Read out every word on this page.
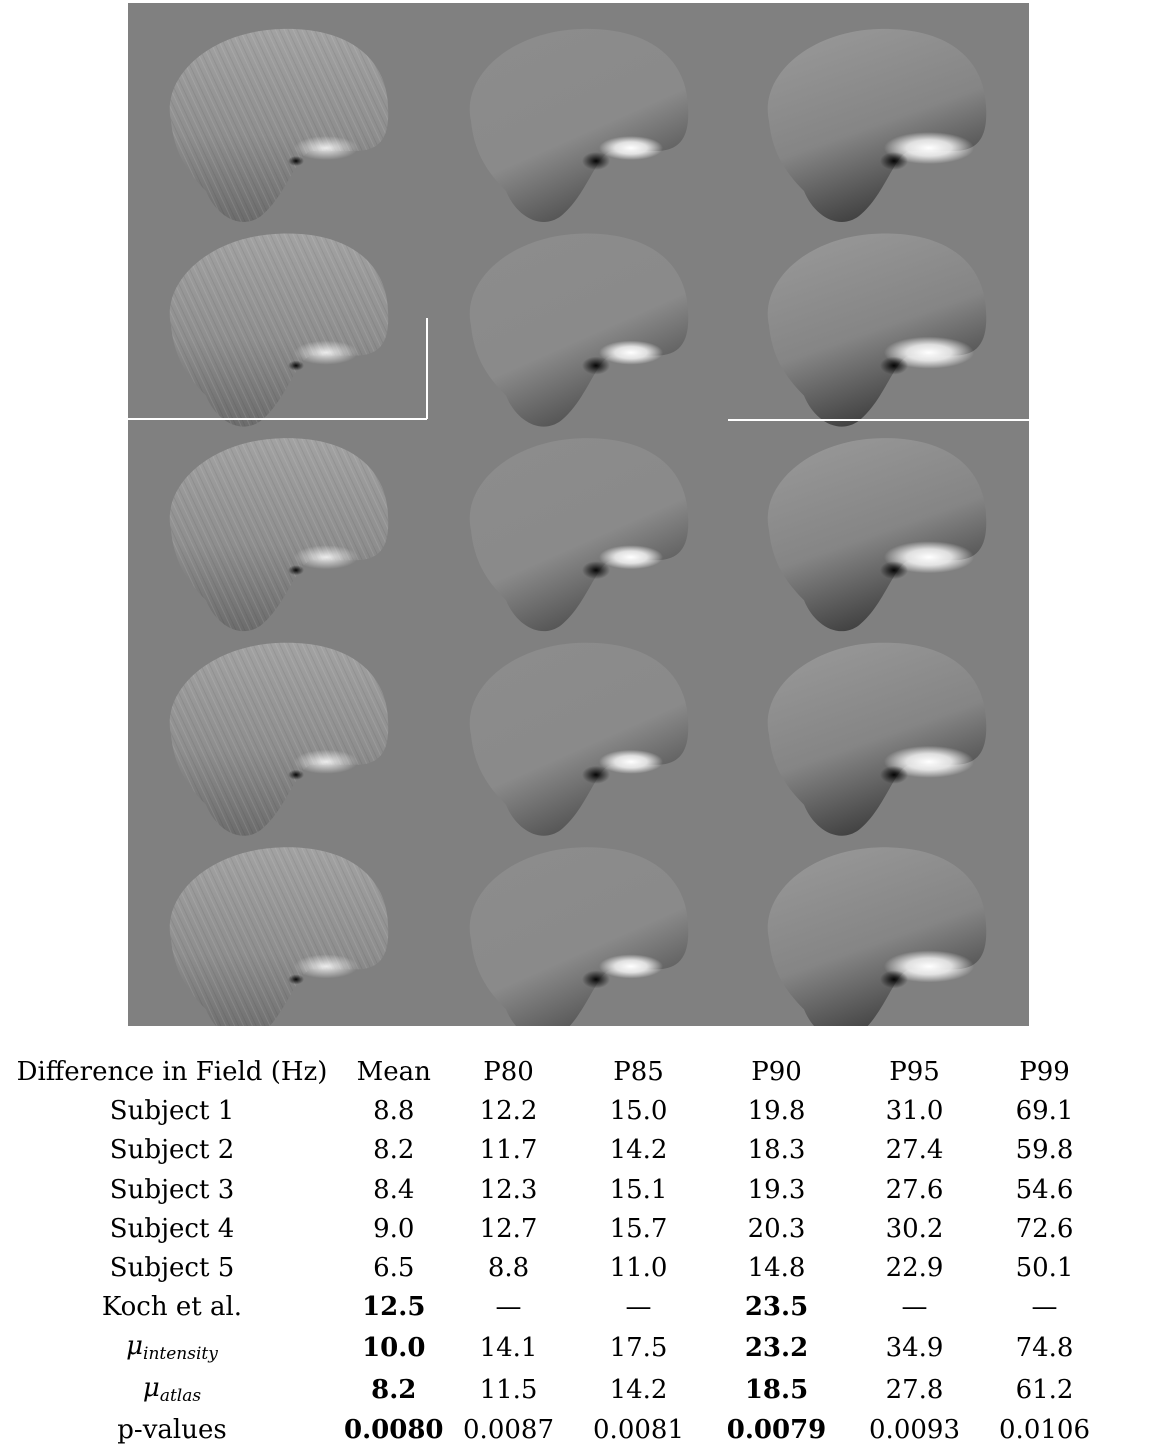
Difference in Field (Hz)	Mean	P80	P85	P90	P95	P99
Subject 1	8.8	12.2	15.0	19.8	31.0	69.1
Subject 2	8.2	11.7	14.2	18.3	27.4	59.8
Subject 3	8.4	12.3	15.1	19.3	27.6	54.6
Subject 4	9.0	12.7	15.7	20.3	30.2	72.6
Subject 5	6.5	8.8	11.0	14.8	22.9	50.1
Koch et al.	12.5	—	—	23.5	—	—
μintensity	10.0	14.1	17.5	23.2	34.9	74.8
μatlas	8.2	11.5	14.2	18.5	27.8	61.2
p-values	0.0080	0.0087	0.0081	0.0079	0.0093	0.0106
